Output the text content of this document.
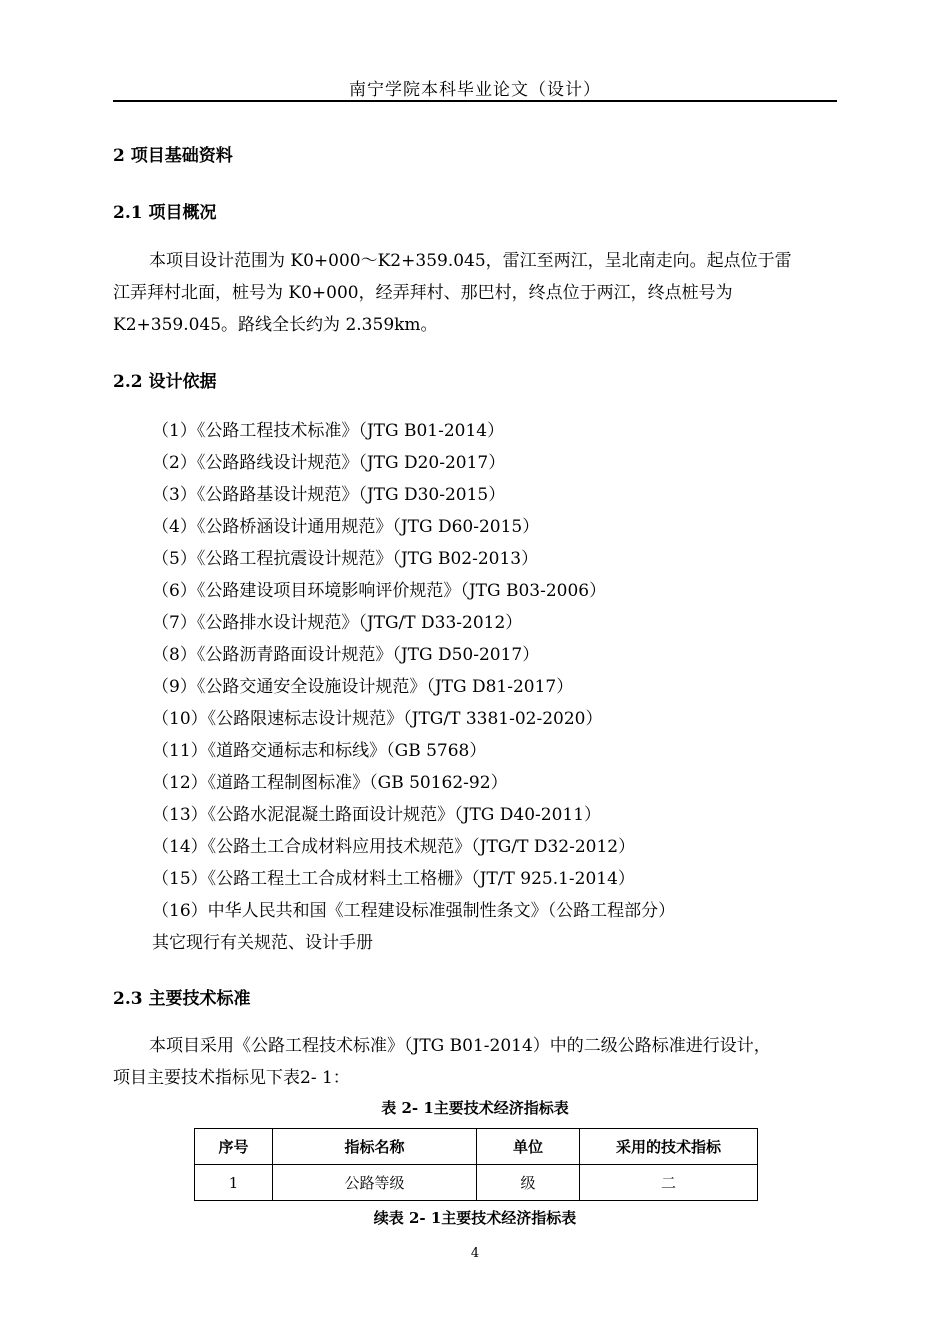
南宁学院本科毕业论文（设计）
2 项目基础资料
2.1 项目概况
本项目设计范围为 K0+000～K2+359.045，雷江至两江，呈北南走向。起点位于雷
江弄拜村北面，桩号为 K0+000，经弄拜村、那巴村，终点位于两江，终点桩号为
K2+359.045。路线全长约为 2.359km。
2.2 设计依据
（1）《公路工程技术标准》（JTG B01-2014）
（2）《公路路线设计规范》（JTG D20-2017）
（3）《公路路基设计规范》（JTG D30-2015）
（4）《公路桥涵设计通用规范》（JTG D60-2015）
（5）《公路工程抗震设计规范》（JTG B02-2013）
（6）《公路建设项目环境影响评价规范》（JTG B03-2006）
（7）《公路排水设计规范》（JTG/T D33-2012）
（8）《公路沥青路面设计规范》（JTG D50-2017）
（9）《公路交通安全设施设计规范》（JTG D81-2017）
（10）《公路限速标志设计规范》（JTG/T 3381-02-2020）
（11）《道路交通标志和标线》（GB 5768）
（12）《道路工程制图标准》（GB 50162-92）
（13）《公路水泥混凝土路面设计规范》（JTG D40-2011）
（14）《公路土工合成材料应用技术规范》（JTG/T D32-2012）
（15）《公路工程土工合成材料土工格栅》（JT/T 925.1-2014）
（16）中华人民共和国《工程建设标准强制性条文》（公路工程部分）
其它现行有关规范、设计手册
2.3 主要技术标准
本项目采用《公路工程技术标准》（JTG B01-2014）中的二级公路标准进行设计，
项目主要技术指标见下表2- 1：
表 2- 1主要技术经济指标表
序号	指标名称	单位	采用的技术指标
1	公路等级	级	二
续表 2- 1主要技术经济指标表
4
